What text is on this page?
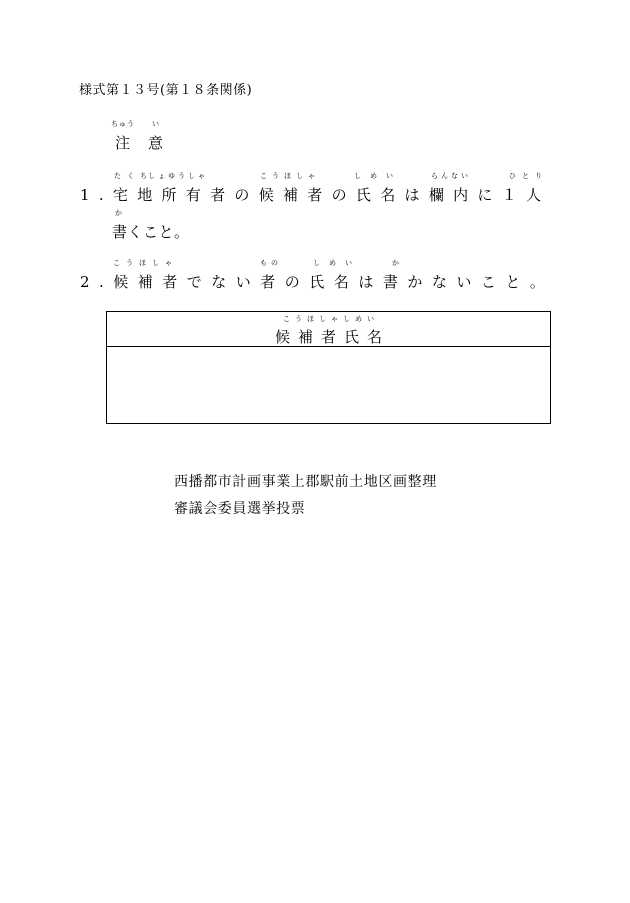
様式第１３号(第１８条関係)
ちゅう い
注意
たくち
しょゆうしゃ	こうほしゃ	しめい	らんない	ひとり
か
1.宅地所有者の候補者の氏名は欄内に１人
書くこと。
こうほしゃ	もの	しめい	か
2.候補者でない者の氏名は書かないこと。
こうほしゃしめい
候補者氏名
西播都市計画事業上郡駅前土地区画整理
審議会委員選挙投票
